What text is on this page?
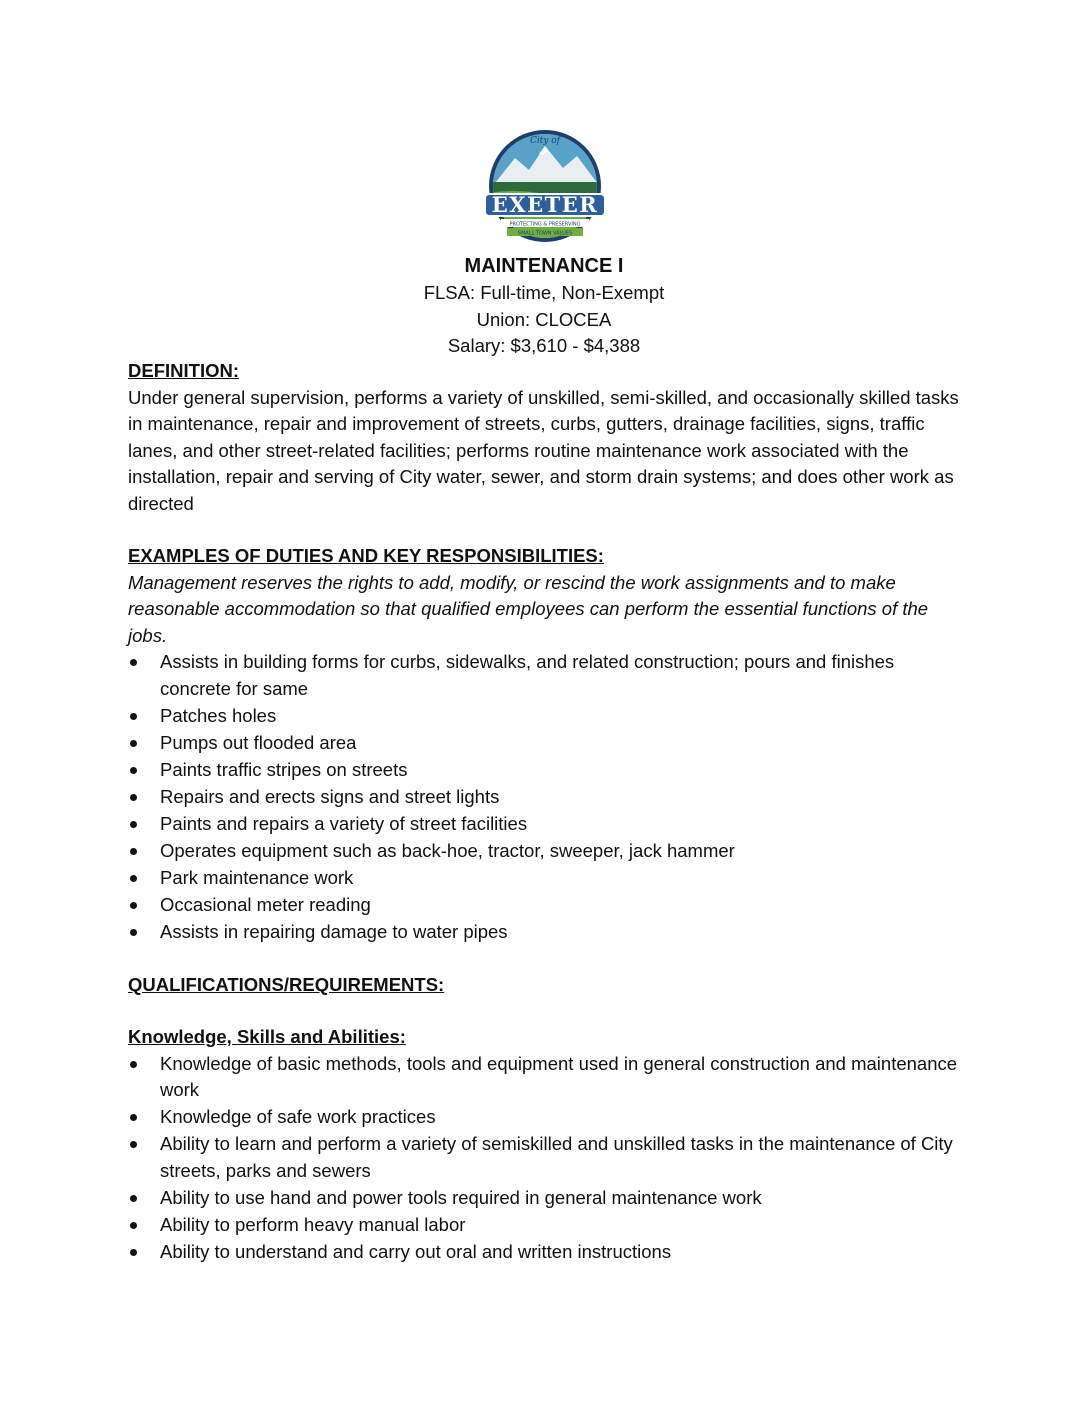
City of
EXETER
PROTECTING & PRESERVING
SMALL TOWN VALUES

MAINTENANCE I

FLSA: Full-time, Non-Exempt

Union: CLOCEA

Salary: $3,610 - $4,388

DEFINITION:

Under general supervision, performs a variety of unskilled, semi-skilled, and occasionally skilled tasks in maintenance, repair and improvement of streets, curbs, gutters, drainage facilities, signs, traffic lanes, and other street-related facilities; performs routine maintenance work associated with the installation, repair and serving of City water, sewer, and storm drain systems; and does other work as directed

EXAMPLES OF DUTIES AND KEY RESPONSIBILITIES:

Management reserves the rights to add, modify, or rescind the work assignments and to make reasonable accommodation so that qualified employees can perform the essential functions of the jobs.

Assists in building forms for curbs, sidewalks, and related construction; pours and finishes concrete for same
Patches holes
Pumps out flooded area
Paints traffic stripes on streets
Repairs and erects signs and street lights
Paints and repairs a variety of street facilities
Operates equipment such as back-hoe, tractor, sweeper, jack hammer
Park maintenance work
Occasional meter reading
Assists in repairing damage to water pipes

QUALIFICATIONS/REQUIREMENTS:

Knowledge, Skills and Abilities:

Knowledge of basic methods, tools and equipment used in general construction and maintenance work
Knowledge of safe work practices
Ability to learn and perform a variety of semiskilled and unskilled tasks in the maintenance of City streets, parks and sewers
Ability to use hand and power tools required in general maintenance work
Ability to perform heavy manual labor
Ability to understand and carry out oral and written instructions
